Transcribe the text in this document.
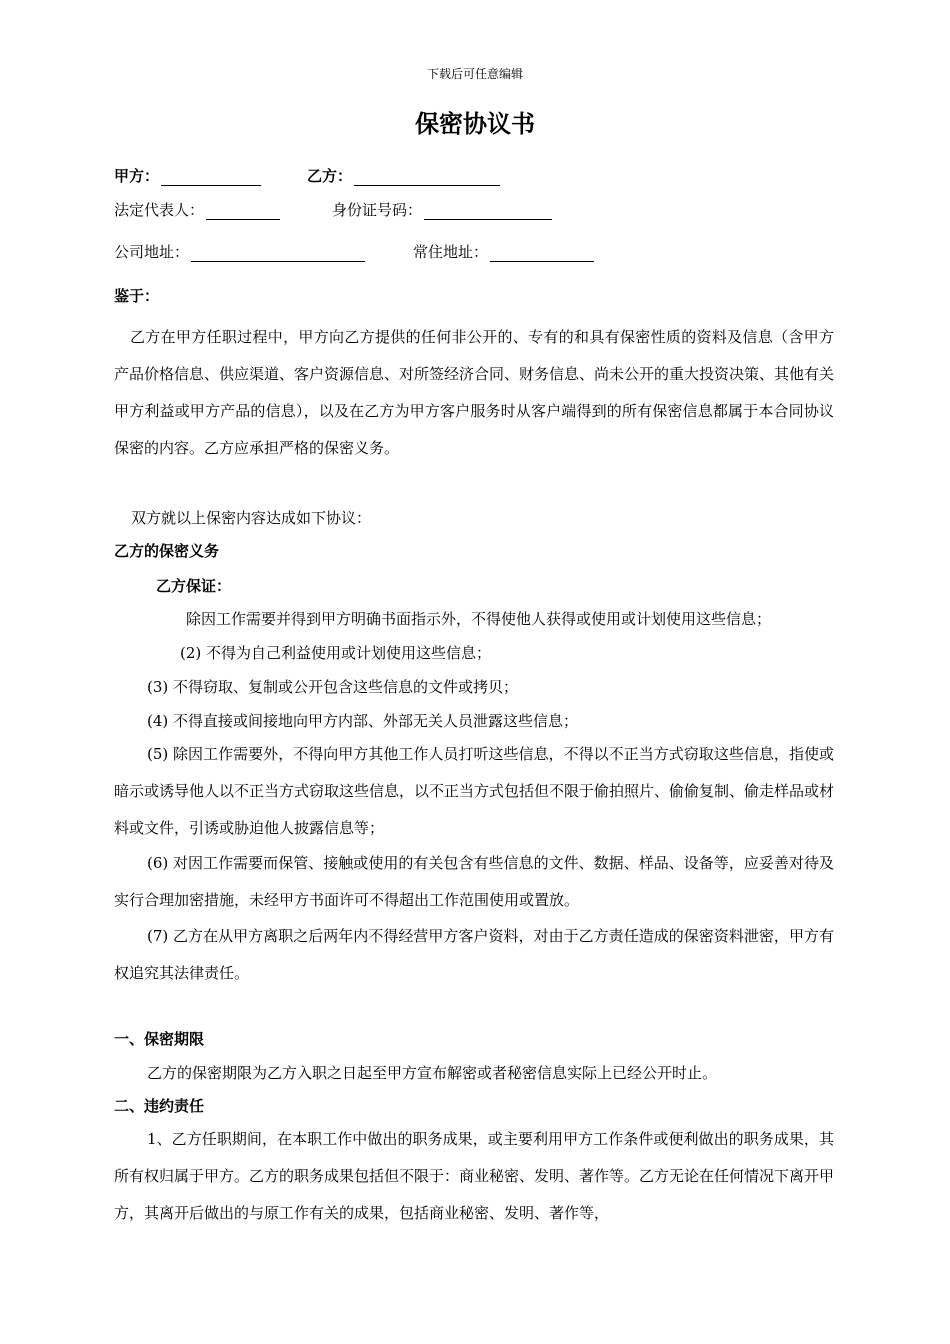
下载后可任意编辑
保密协议书
甲方：	乙方：
法定代表人：	身份证号码：
公司地址：	常住地址：
鉴于：
乙方在甲方任职过程中，甲方向乙方提供的任何非公开的、专有的和具有保密性质的资料及信息（含甲方产品价格信息、供应渠道、客户资源信息、对所签经济合同、财务信息、尚未公开的重大投资决策、其他有关甲方利益或甲方产品的信息），以及在乙方为甲方客户服务时从客户端得到的所有保密信息都属于本合同协议保密的内容。乙方应承担严格的保密义务。
双方就以上保密内容达成如下协议：
乙方的保密义务
乙方保证：
除因工作需要并得到甲方明确书面指示外，不得使他人获得或使用或计划使用这些信息；
(2) 不得为自己利益使用或计划使用这些信息；
(3) 不得窃取、复制或公开包含这些信息的文件或拷贝；
(4) 不得直接或间接地向甲方内部、外部无关人员泄露这些信息；
(5) 除因工作需要外，不得向甲方其他工作人员打听这些信息，不得以不正当方式窃取这些信息，指使或暗示或诱导他人以不正当方式窃取这些信息，以不正当方式包括但不限于偷拍照片、偷偷复制、偷走样品或材料或文件，引诱或胁迫他人披露信息等；
(6) 对因工作需要而保管、接触或使用的有关包含有些信息的文件、数据、样品、设备等，应妥善对待及实行合理加密措施，未经甲方书面许可不得超出工作范围使用或置放。
(7) 乙方在从甲方离职之后两年内不得经营甲方客户资料，对由于乙方责任造成的保密资料泄密，甲方有权追究其法律责任。
一、保密期限
乙方的保密期限为乙方入职之日起至甲方宣布解密或者秘密信息实际上已经公开时止。
二、违约责任
1、乙方任职期间，在本职工作中做出的职务成果，或主要利用甲方工作条件或便利做出的职务成果，其所有权归属于甲方。乙方的职务成果包括但不限于：商业秘密、发明、著作等。乙方无论在任何情况下离开甲方，其离开后做出的与原工作有关的成果，包括商业秘密、发明、著作等，
